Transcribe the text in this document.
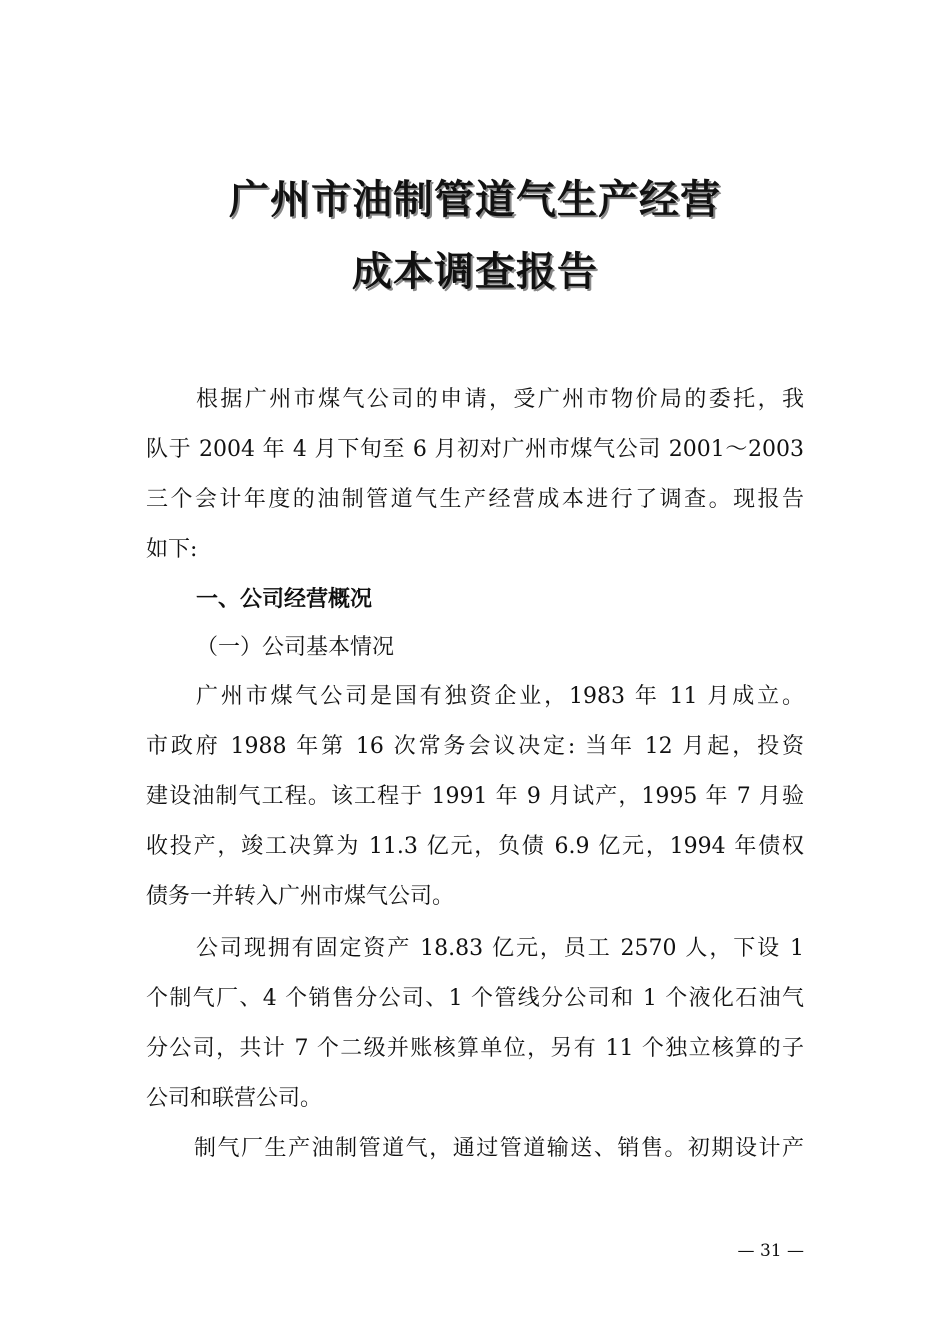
广州市油制管道气生产经营
成本调查报告
根据广州市煤气公司的申请，受广州市物价局的委托，我
队于 2004 年 4 月下旬至 6 月初对广州市煤气公司 2001～2003
三个会计年度的油制管道气生产经营成本进行了调查。现报告
如下:
一、公司经营概况
（一）公司基本情况
广州市煤气公司是国有独资企业，1983 年 11 月成立。
市政府 1988 年第 16 次常务会议决定: 当年 12 月起，投资
建设油制气工程。该工程于 1991 年 9 月试产，1995 年 7 月验
收投产，竣工决算为 11.3 亿元，负债 6.9 亿元，1994 年债权
债务一并转入广州市煤气公司。
公司现拥有固定资产 18.83 亿元，员工 2570 人，下设 1
个制气厂、4 个销售分公司、1 个管线分公司和 1 个液化石油气
分公司，共计 7 个二级并账核算单位，另有 11 个独立核算的子
公司和联营公司。
制气厂生产油制管道气，通过管道输送、销售。初期设计产
— 31 —
